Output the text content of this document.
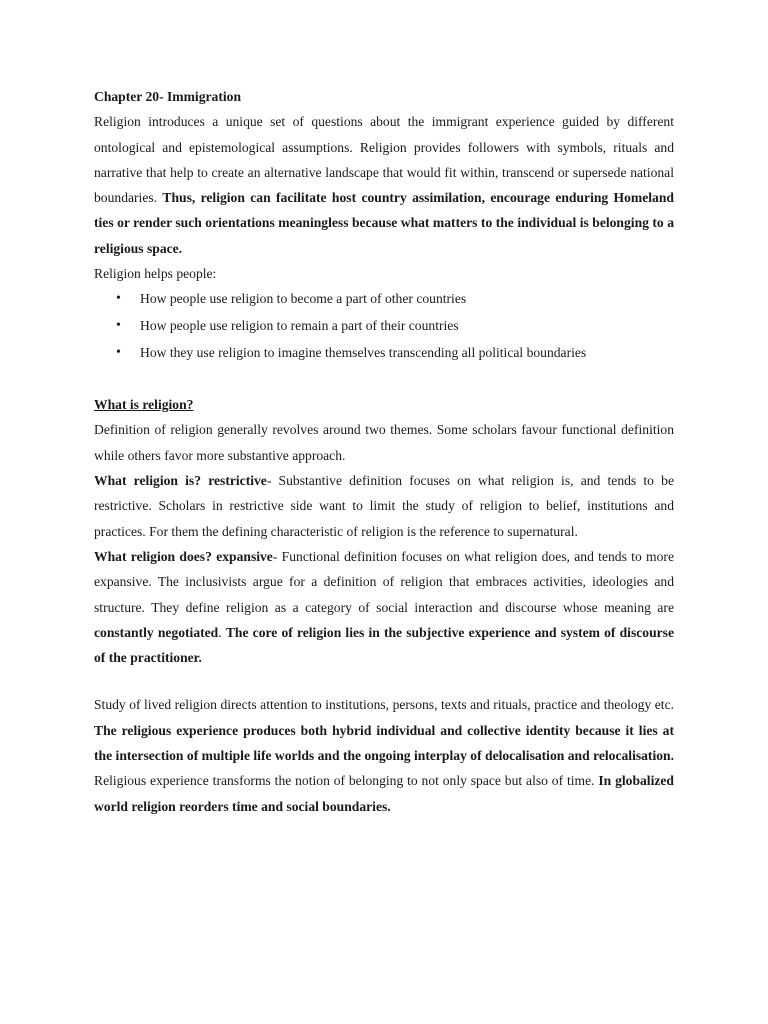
Chapter 20- Immigration

Religion introduces a unique set of questions about the immigrant experience guided by different ontological and epistemological assumptions. Religion provides followers with symbols, rituals and narrative that help to create an alternative landscape that would fit within, transcend or supersede national boundaries. Thus, religion can facilitate host country assimilation, encourage enduring Homeland ties or render such orientations meaningless because what matters to the individual is belonging to a religious space.

Religion helps people:

• How people use religion to become a part of other countries
• How people use religion to remain a part of their countries
• How they use religion to imagine themselves transcending all political boundaries

What is religion?

Definition of religion generally revolves around two themes. Some scholars favour functional definition while others favor more substantive approach.

What religion is? restrictive- Substantive definition focuses on what religion is, and tends to be restrictive. Scholars in restrictive side want to limit the study of religion to belief, institutions and practices. For them the defining characteristic of religion is the reference to supernatural.

What religion does? expansive- Functional definition focuses on what religion does, and tends to more expansive. The inclusivists argue for a definition of religion that embraces activities, ideologies and structure. They define religion as a category of social interaction and discourse whose meaning are constantly negotiated. The core of religion lies in the subjective experience and system of discourse of the practitioner.

Study of lived religion directs attention to institutions, persons, texts and rituals, practice and theology etc. The religious experience produces both hybrid individual and collective identity because it lies at the intersection of multiple life worlds and the ongoing interplay of delocalisation and relocalisation. Religious experience transforms the notion of belonging to not only space but also of time. In globalized world religion reorders time and social boundaries.
